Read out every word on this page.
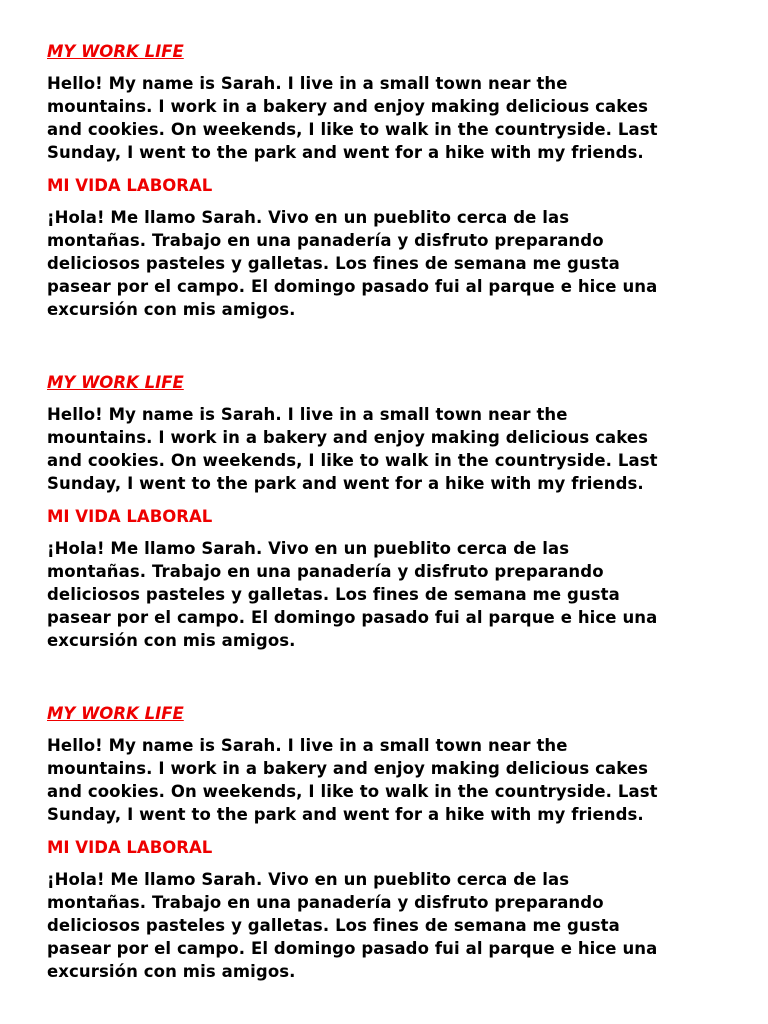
MY WORK LIFE
Hello! My name is Sarah. I live in a small town near the
mountains. I work in a bakery and enjoy making delicious cakes
and cookies. On weekends, I like to walk in the countryside. Last
Sunday, I went to the park and went for a hike with my friends.
MI VIDA LABORAL
¡Hola! Me llamo Sarah. Vivo en un pueblito cerca de las
montañas. Trabajo en una panadería y disfruto preparando
deliciosos pasteles y galletas. Los fines de semana me gusta
pasear por el campo. El domingo pasado fui al parque e hice una
excursión con mis amigos.
MY WORK LIFE
Hello! My name is Sarah. I live in a small town near the
mountains. I work in a bakery and enjoy making delicious cakes
and cookies. On weekends, I like to walk in the countryside. Last
Sunday, I went to the park and went for a hike with my friends.
MI VIDA LABORAL
¡Hola! Me llamo Sarah. Vivo en un pueblito cerca de las
montañas. Trabajo en una panadería y disfruto preparando
deliciosos pasteles y galletas. Los fines de semana me gusta
pasear por el campo. El domingo pasado fui al parque e hice una
excursión con mis amigos.
MY WORK LIFE
Hello! My name is Sarah. I live in a small town near the
mountains. I work in a bakery and enjoy making delicious cakes
and cookies. On weekends, I like to walk in the countryside. Last
Sunday, I went to the park and went for a hike with my friends.
MI VIDA LABORAL
¡Hola! Me llamo Sarah. Vivo en un pueblito cerca de las
montañas. Trabajo en una panadería y disfruto preparando
deliciosos pasteles y galletas. Los fines de semana me gusta
pasear por el campo. El domingo pasado fui al parque e hice una
excursión con mis amigos.
